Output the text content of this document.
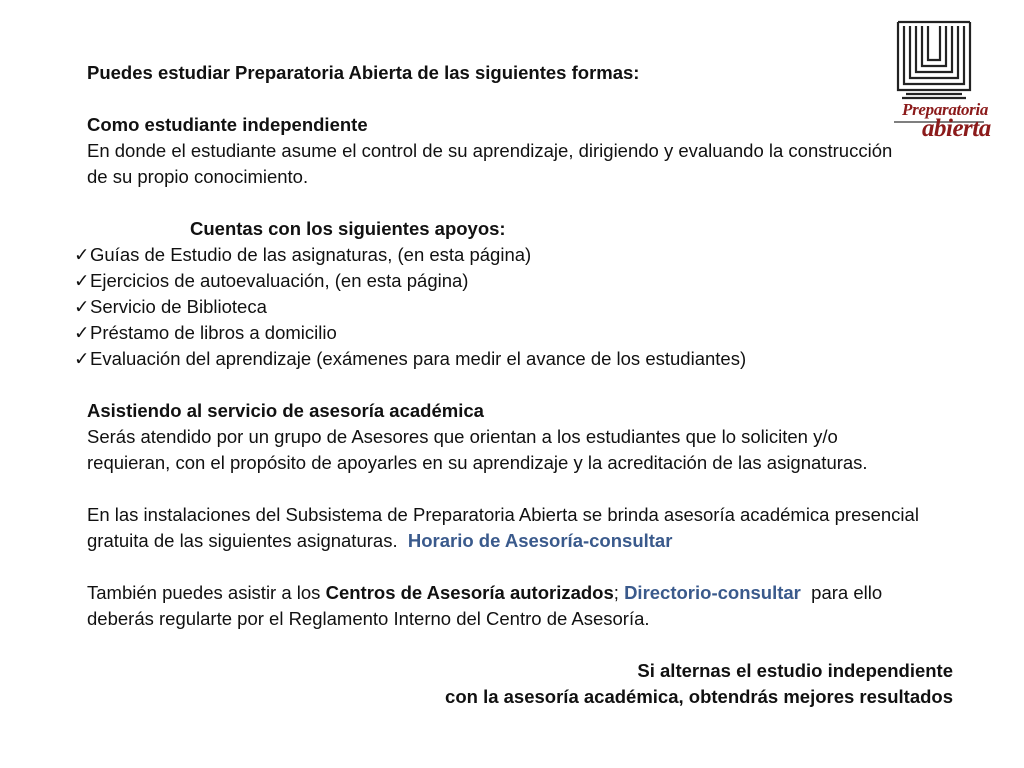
Preparatoria
abierta
Puedes estudiar Preparatoria Abierta de las siguientes formas:
Como estudiante independiente
En donde el estudiante asume el control de su aprendizaje, dirigiendo y evaluando la construcción
de su propio conocimiento.
Cuentas con los siguientes apoyos:
✓Guías de Estudio de las asignaturas, (en esta página)
✓Ejercicios de autoevaluación, (en esta página)
✓Servicio de Biblioteca
✓Préstamo de libros a domicilio
✓Evaluación del aprendizaje (exámenes para medir el avance de los estudiantes)
Asistiendo al servicio de asesoría académica
Serás atendido por un grupo de Asesores que orientan a los estudiantes que lo soliciten y/o
requieran, con el propósito de apoyarles en su aprendizaje y la acreditación de las asignaturas.
En las instalaciones del Subsistema de Preparatoria Abierta se brinda asesoría académica presencial
gratuita de las siguientes asignaturas.  Horario de Asesoría-consultar
También puedes asistir a los Centros de Asesoría autorizados; Directorio-consultar  para ello
deberás regularte por el Reglamento Interno del Centro de Asesoría.
Si alternas el estudio independiente
con la asesoría académica, obtendrás mejores resultados
